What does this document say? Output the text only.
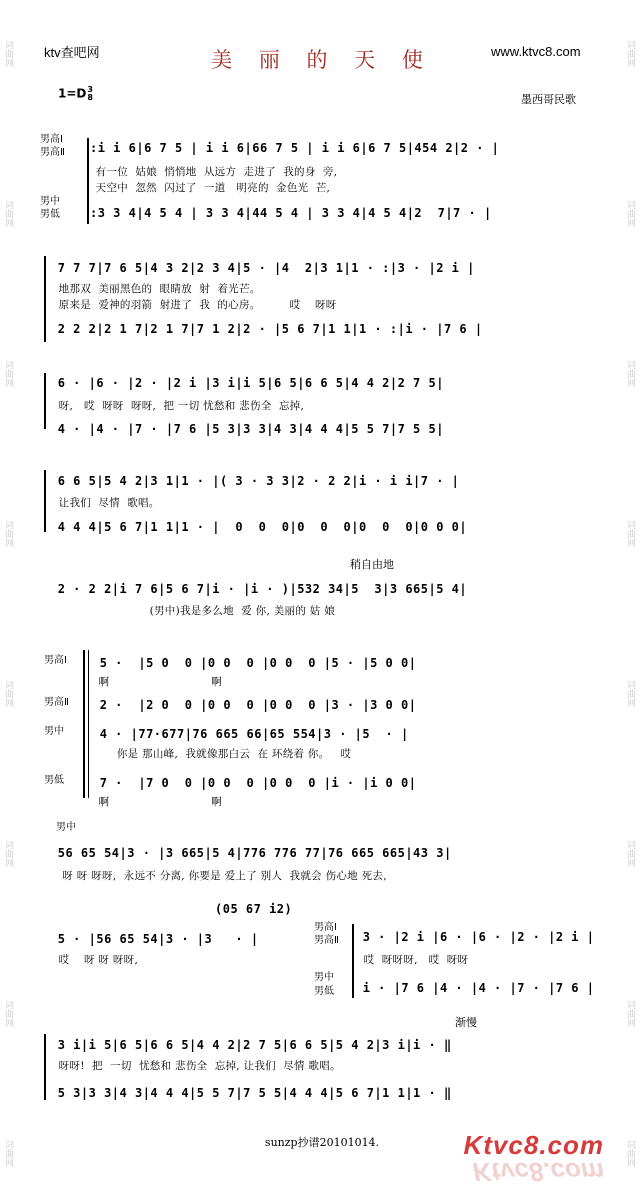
词曲网
词曲网
词曲网
词曲网
词曲网
词曲网
词曲网
词曲网
词曲网
词曲网
词曲网
词曲网
词曲网
词曲网
词曲网
词曲网
ktv查吧网	www.ktvc8.com
美 丽 的 天 使
1=D3
8	墨西哥民歌
男高Ⅰ
男高Ⅱ
男中
男低
:i i 6|6 7 5 | i i 6|66 7 5 | i i 6|6 7 5|454 2|2 · |
有一位  姑娘  悄悄地  从远方  走进了  我的身  旁,
天空中  忽然  闪过了  一道   明亮的  金色光  芒,
:3 3 4|4 5 4 | 3 3 4|44 5 4 | 3 3 4|4 5 4|2  7|7 · |
7 7 7|7 6 5|4 3 2|2 3 4|5 · |4  2|3 1|1 · :|3 · |2 i |
地那双  美丽黑色的  眼睛放  射  着光芒。
原来是  爱神的羽箭  射进了  我  的心房。        哎    呀呀
2 2 2|2 1 7|2 1 7|7 1 2|2 · |5 6 7|1 1|1 · :|i · |7 6 |
6 · |6 · |2 · |2 i |3 i|i 5|6 5|6 6 5|4 4 2|2 7 5|
呀,   哎  呀呀  呀呀,  把 一切 忧愁和 悲伤全  忘掉,
4 · |4 · |7 · |7 6 |5 3|3 3|4 3|4 4 4|5 5 7|7 5 5|
6 6 5|5 4 2|3 1|1 · |( 3 · 3 3|2 · 2 2|i · i i|7 · |
让我们  尽情  歌唱。
4 4 4|5 6 7|1 1|1 · |  0  0  0|0  0  0|0  0  0|0 0 0|
稍自由地
2 · 2 2|i 7 6|5 6 7|i · |i · )|532 34|5  3|3 665|5 4|
(男中)我是多么地  爱 你, 美丽的 姑 娘
男高Ⅰ
男高Ⅱ
男中
男低
5 ·  |5 0  0 |0 0  0 |0 0  0 |5 · |5 0 0|
啊                            啊
2 ·  |2 0  0 |0 0  0 |0 0  0 |3 · |3 0 0|
4 · |77·677|76 665 66|65 554|3 · |5  · |
你是 那山峰,  我就像那白云  在 环绕着 你。   哎
7 ·  |7 0  0 |0 0  0 |0 0  0 |i · |i 0 0|
啊                            啊
男中
56 65 54|3 · |3 665|5 4|776 776 77|76 665 665|43 3|
呀 呀 呀呀,  永远不 分离, 你要是 爱上了 别人  我就会 伤心地 死去,
(05 67 i2)
5 · |56 65 54|3 · |3   · |
哎    呀 呀 呀呀,
男高Ⅰ
男高Ⅱ
男中
男低
3 · |2 i |6 · |6 · |2 · |2 i |
哎  呀呀呀,   哎  呀呀
i · |7 6 |4 · |4 · |7 · |7 6 |
渐慢
3 i|i 5|6 5|6 6 5|4 4 2|2 7 5|6 6 5|5 4 2|3 i|i · ‖
呀呀!  把  一切  忧愁和 悲伤全  忘掉, 让我们  尽情 歌唱。
5 3|3 3|4 3|4 4 4|5 5 7|7 5 5|4 4 4|5 6 7|1 1|1 · ‖
sunzp抄谱20101014.	Ktvc8.com
Ktvc8.com
